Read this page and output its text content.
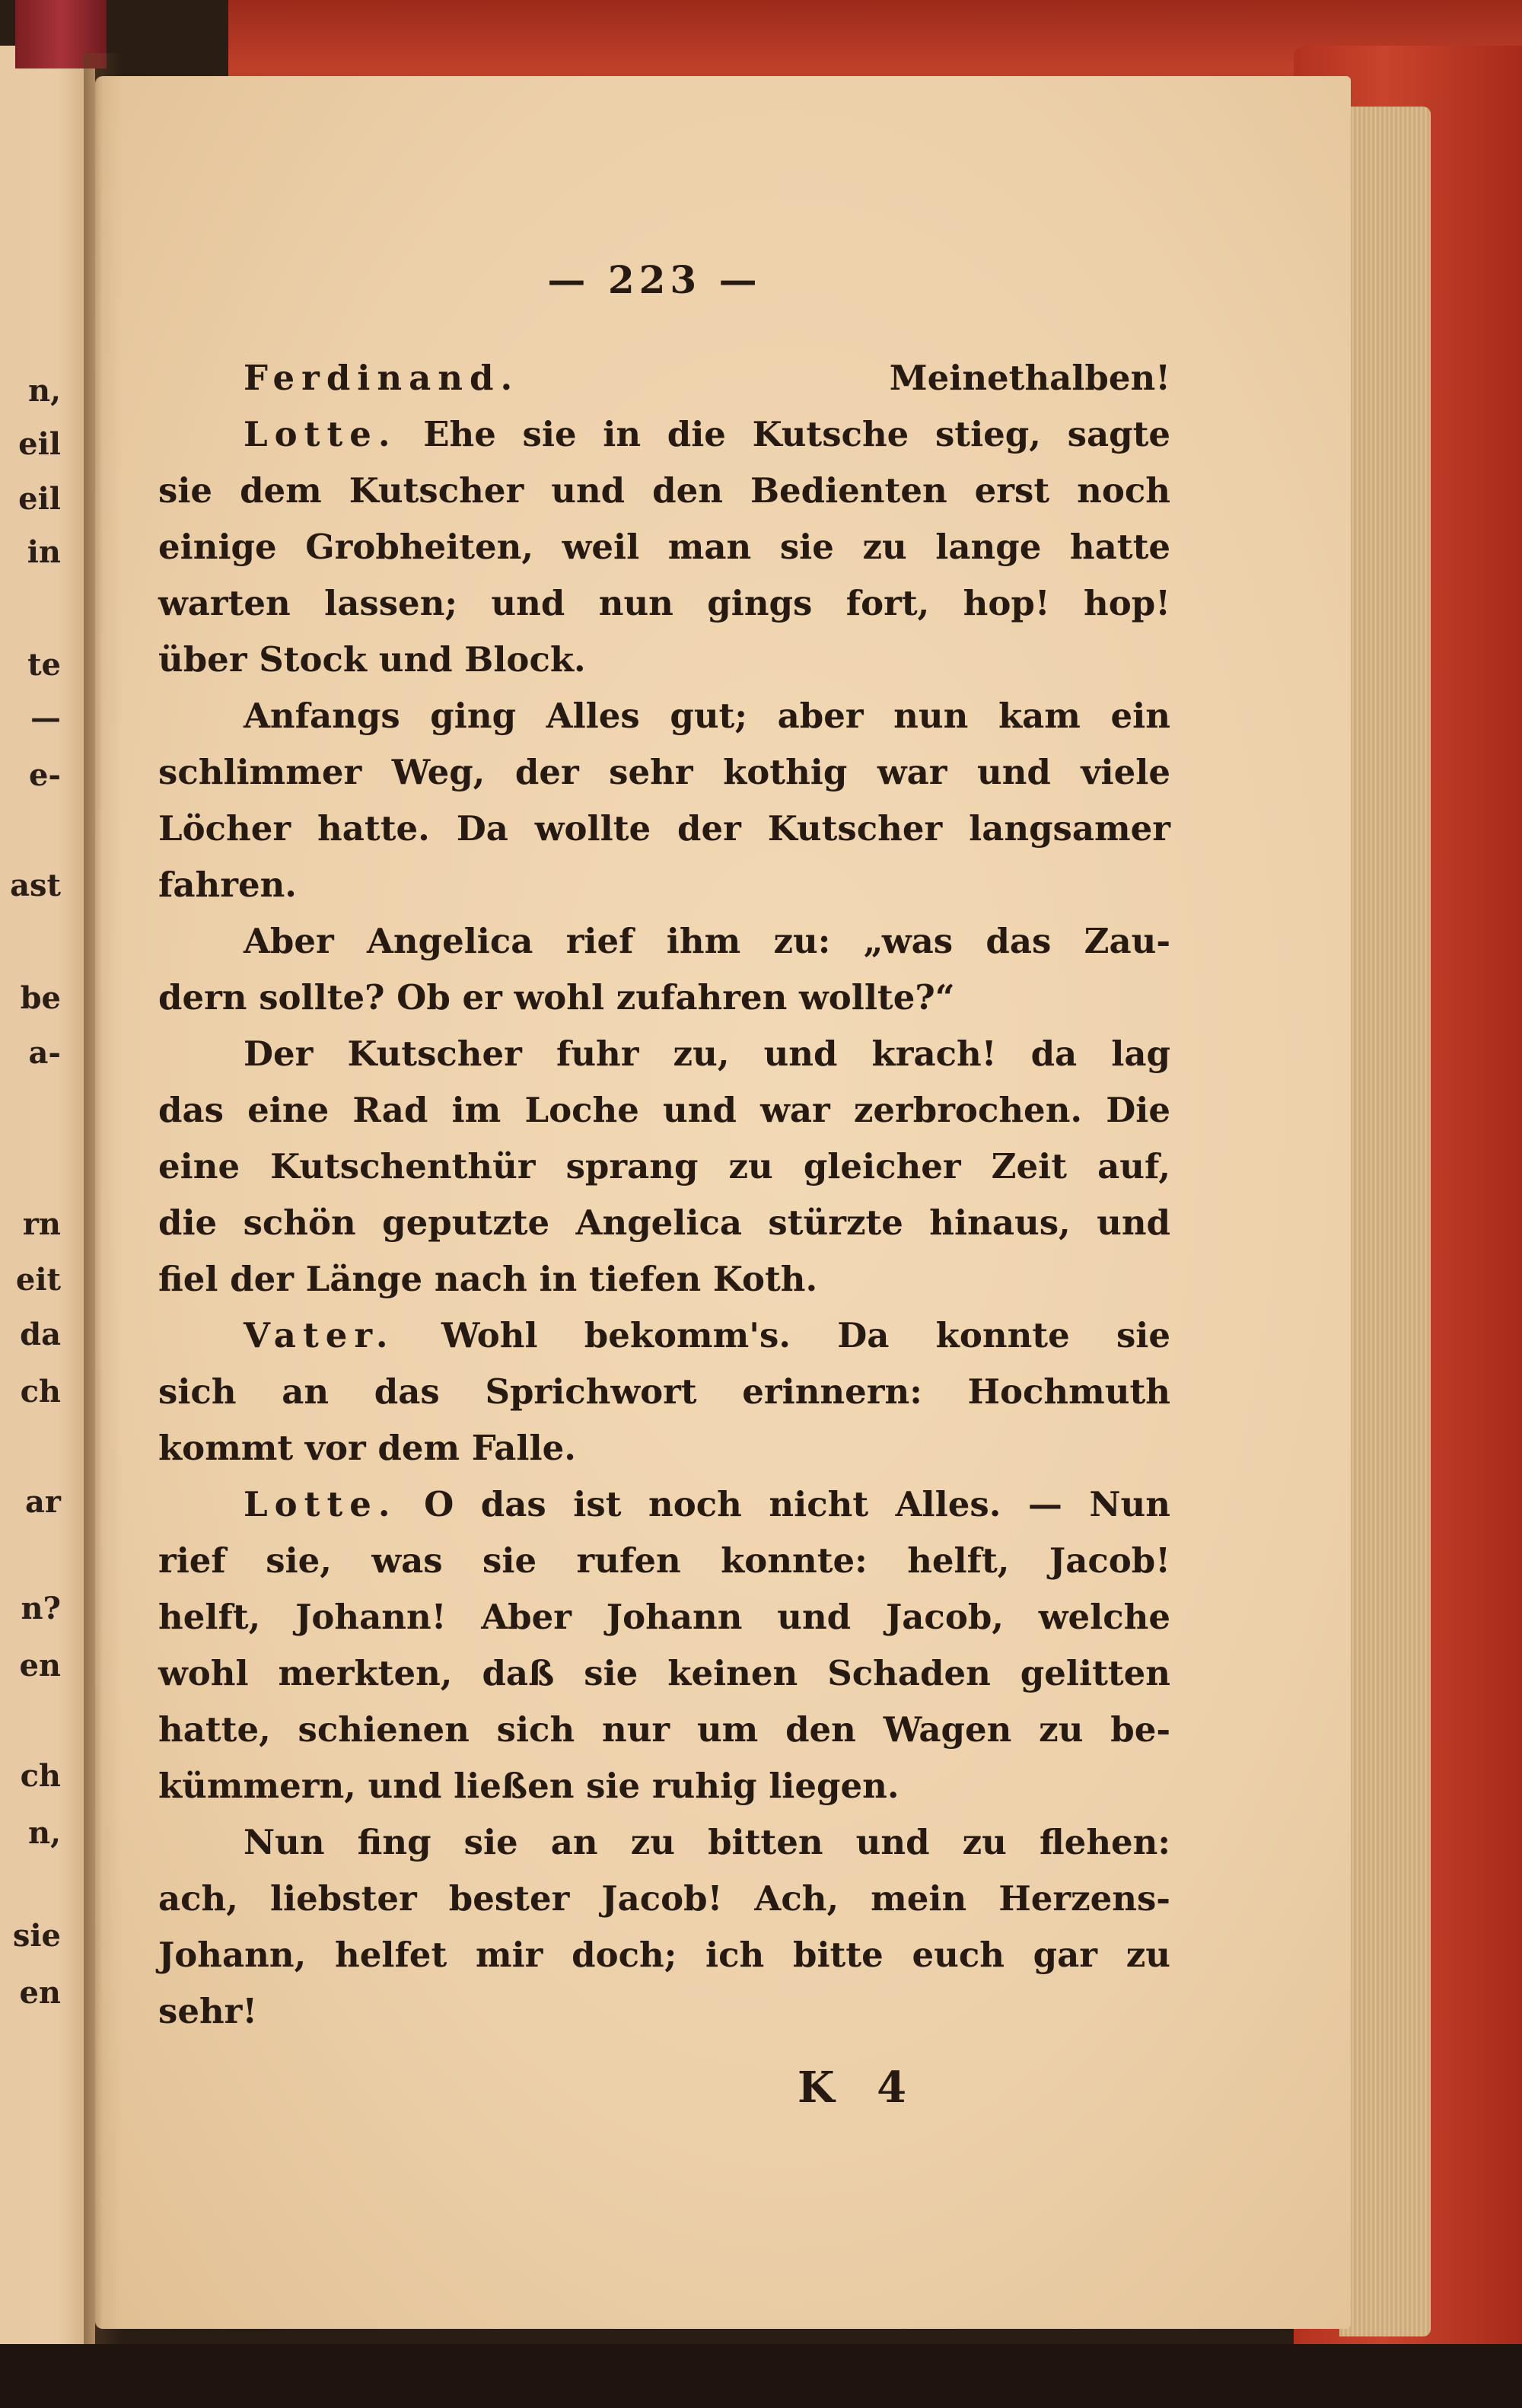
n,
eil
eil
in
te
—
e-
ast
be
a-
rn
eit
da
ch
ar
n?
en
ch
n,
sie
en
— 223 —
Ferdinand.	Meinethalben!
Lotte. Ehe sie in die Kutsche stieg, sagte
sie dem Kutscher und den Bedienten erst noch
einige Grobheiten, weil man sie zu lange hatte
warten lassen; und nun gings fort, hop! hop!
über Stock und Block.
Anfangs ging Alles gut; aber nun kam ein
schlimmer Weg, der sehr kothig war und viele
Löcher hatte. Da wollte der Kutscher langsamer
fahren.
Aber Angelica rief ihm zu: „was das Zau-
dern sollte? Ob er wohl zufahren wollte?“
Der Kutscher fuhr zu, und krach! da lag
das eine Rad im Loche und war zerbrochen. Die
eine Kutschenthür sprang zu gleicher Zeit auf,
die schön geputzte Angelica stürzte hinaus, und
fiel der Länge nach in tiefen Koth.
Vater. Wohl bekomm's. Da konnte sie
sich an das Sprichwort erinnern: Hochmuth
kommt vor dem Falle.
Lotte. O das ist noch nicht Alles. — Nun
rief sie, was sie rufen konnte: helft, Jacob!
helft, Johann! Aber Johann und Jacob, welche
wohl merkten, daß sie keinen Schaden gelitten
hatte, schienen sich nur um den Wagen zu be-
kümmern, und ließen sie ruhig liegen.
Nun fing sie an zu bitten und zu flehen:
ach, liebster bester Jacob! Ach, mein Herzens-
Johann, helfet mir doch; ich bitte euch gar zu
sehr!
K 4
